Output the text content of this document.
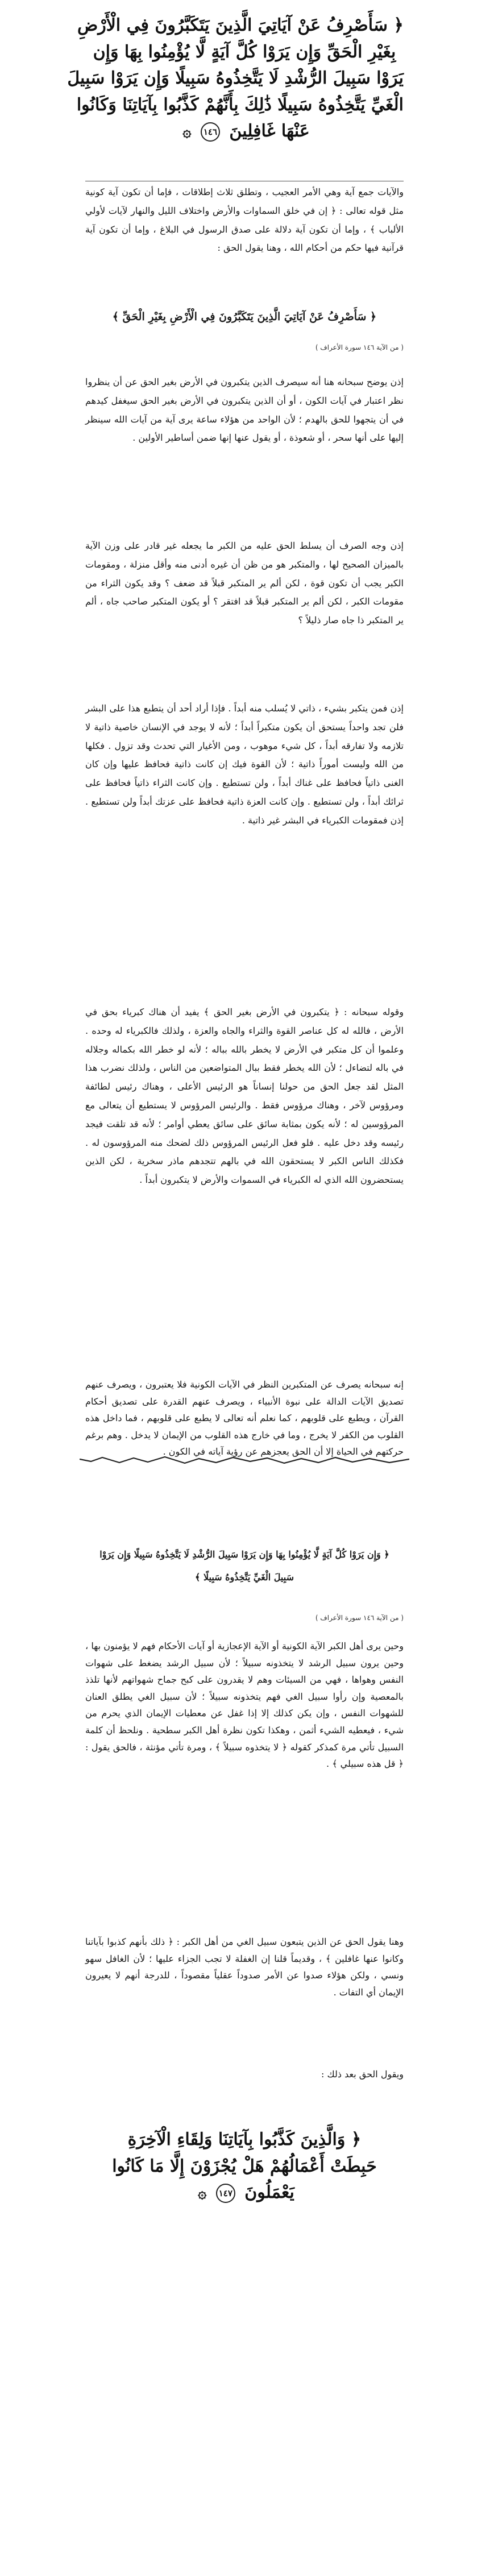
﴿ سَأَصْرِفُ عَنْ آيَاتِيَ الَّذِينَ يَتَكَبَّرُونَ فِي الْأَرْضِ
بِغَيْرِ الْحَقِّ وَإِن يَرَوْا كُلَّ آيَةٍ لَّا يُؤْمِنُوا بِهَا وَإِن
يَرَوْا سَبِيلَ الرُّشْدِ لَا يَتَّخِذُوهُ سَبِيلًا وَإِن يَرَوْا سَبِيلَ
الْغَيِّ يَتَّخِذُوهُ سَبِيلًا ذَٰلِكَ بِأَنَّهُمْ كَذَّبُوا بِآيَاتِنَا وَكَانُوا
عَنْهَا غَافِلِينَ ١٤٦ ۞

والآيات جمع آية وهي الأمر العجيب ، وتطلق ثلاث إطلاقات ، فإما أن تكون آية كونية مثل قوله تعالى : ﴿ إن في خلق السماوات والأرض واختلاف الليل والنهار لآيات لأولي الألباب ﴾ ، وإما أن تكون آية دلالة على صدق الرسول في البلاغ ، وإما أن تكون آية قرآنية فيها حكم من أحكام الله ، وهنا يقول الحق :

﴿ سَأَصْرِفُ عَنْ آيَاتِيَ الَّذِينَ يَتَكَبَّرُونَ فِي الْأَرْضِ بِغَيْرِ الْحَقِّ ﴾
( من الآية ١٤٦ سورة الأعراف )

إذن يوضح سبحانه هنا أنه سيصرف الذين يتكبرون في الأرض بغير الحق عن أن ينظروا نظر اعتبار في آيات الكون ، أو أن الذين يتكبرون في الأرض بغير الحق سيغفل كيدهم في أن يتجهوا للحق بالهدم ؛ لأن الواحد من هؤلاء ساعة يرى آية من آيات الله سينظر إليها على أنها سحر ، أو شعوذة ، أو يقول عنها إنها ضمن أساطير الأولين .

إذن وجه الصرف أن يسلط الحق عليه من الكبر ما يجعله غير قادر على وزن الآية بالميزان الصحيح لها ، والمتكبر هو من ظن أن غيره أدنى منه وأقل منزلة ، ومقومات الكبر يجب أن تكون قوة ، لكن ألم ير المتكبر قبلاً قد ضعف ؟ وقد يكون الثراء من مقومات الكبر ، لكن ألم ير المتكبر قبلاً قد افتقر ؟ أو يكون المتكبر صاحب جاه ، ألم ير المتكبر ذا جاه صار ذليلاً ؟

إذن فمن يتكبر بشيء ، ذاتي لا يُسلب منه أبداً . فإذا أراد أحد أن يتطبع هذا على البشر فلن تجد واحداً يستحق أن يكون متكبراً أبداً ؛ لأنه لا يوجد في الإنسان خاصية ذاتية لا تلازمه ولا تفارقه أبداً ، كل شيء موهوب ، ومن الأغيار التي تحدث وقد تزول . فكلها من الله وليست أموراً ذاتية ؛ لأن القوة فيك إن كانت ذاتية فحافظ عليها وإن كان الغنى ذاتياً فحافظ على غناك أبداً ، ولن تستطيع . وإن كانت الثراء ذاتياً فحافظ على ثرائك أبداً ، ولن تستطيع . وإن كانت العزة ذاتية فحافظ على عزتك أبداً ولن تستطيع . إذن فمقومات الكبرياء في البشر غير ذاتية .

وقوله سبحانه : ﴿ يتكبرون في الأرض بغير الحق ﴾ يفيد أن هناك كبرياء بحق في الأرض ، فالله له كل عناصر القوة والثراء والجاه والعزة ، ولذلك فالكبرياء له وحده . وعلموا أن كل متكبر في الأرض لا يخطر بالله بباله ؛ لأنه لو خطر الله بكماله وجلاله في باله لتضاءل ؛ لأن الله يخطر فقط ببال المتواضعين من الناس ، ولذلك نضرب هذا المثل لقد جعل الحق من حولنا إنساناً هو الرئيس الأعلى ، وهناك رئيس لطائفة ومرؤوس لآخر ، وهناك مرؤوس فقط . والرئيس المرؤوس لا يستطيع أن يتعالى مع المرؤوسين له ؛ لأنه يكون بمثابة سائق على سائق يعطي أوامر ؛ لأنه قد تلقت فيجد رئيسه وقد دخل عليه . فلو فعل الرئيس المرؤوس ذلك لضحك منه المرؤوسون له . فكذلك الناس الكبر لا يستحقون الله في بالهم تتجدهم ماذر سخرية ، لكن الذين يستحضرون الله الذي له الكبرياء في السموات والأرض لا يتكبرون أبداً .

إنه سبحانه يصرف عن المتكبرين النظر في الآيات الكونية فلا يعتبرون ، ويصرف عنهم تصديق الآيات الدالة على نبوة الأنبياء ، ويصرف عنهم القدرة على تصديق أحكام القرآن ، ويطبع على قلوبهم ، كما نعلم أنه تعالى لا يطبع على قلوبهم ، فما داخل هذه القلوب من الكفر لا يخرج ، وما في خارج هذه القلوب من الإيمان لا يدخل . وهم برغم حركتهم في الحياة إلا أن الحق يعجزهم عن رؤية آياته في الكون .

﴿ وَإِن يَرَوْا كُلَّ آيَةٍ لَّا يُؤْمِنُوا بِهَا وَإِن يَرَوْا سَبِيلَ الرُّشْدِ لَا يَتَّخِذُوهُ سَبِيلًا وَإِن يَرَوْا
سَبِيلَ الْغَيِّ يَتَّخِذُوهُ سَبِيلًا ﴾
( من الآية ١٤٦ سورة الأعراف )

وحين يرى أهل الكبر الآية الكونية أو الآية الإعجازية أو آيات الأحكام فهم لا يؤمنون بها ، وحين يرون سبيل الرشد لا يتخذونه سبيلاً ؛ لأن سبيل الرشد يضغط على شهوات النفس وهواها ، فهي من السيئات وهم لا يقدرون على كبح جماح شهواتهم لأنها تلذذ بالمعصية وإن رأوا سبيل الغي فهم يتخذونه سبيلاً ؛ لأن سبيل الغي يطلق العنان للشهوات النفس ، وإن يكن كذلك إلا إذا غفل عن معطيات الإيمان الذي يحرم من شيء ، فيعطيه الشيء أثمن ، وهكذا تكون نظرة أهل الكبر سطحية . ونلحظ أن كلمة السبيل تأتي مرة كمذكر كقوله ﴿ لا يتخذوه سبيلاً ﴾ ، ومرة تأتي مؤنثة ، فالحق يقول : ﴿ قل هذه سبيلي ﴾ .

وهنا يقول الحق عن الذين يتبعون سبيل الغي من أهل الكبر : ﴿ ذلك بأنهم كذبوا بآياتنا وكانوا عنها غافلين ﴾ ، وقديماً قلنا إن الغفلة لا تجب الجزاء عليها ؛ لأن الغافل سهو ونسي ، ولكن هؤلاء صدوا عن الأمر صدوداً عقلياً مقصوداً ، للدرجة أنهم لا يعيرون الإيمان أي التفات .

ويقول الحق بعد ذلك :

﴿ وَالَّذِينَ كَذَّبُوا بِآيَاتِنَا وَلِقَاءِ الْآخِرَةِ
حَبِطَتْ أَعْمَالُهُمْ هَلْ يُجْزَوْنَ إِلَّا مَا كَانُوا
يَعْمَلُونَ ١٤٧ ۞
